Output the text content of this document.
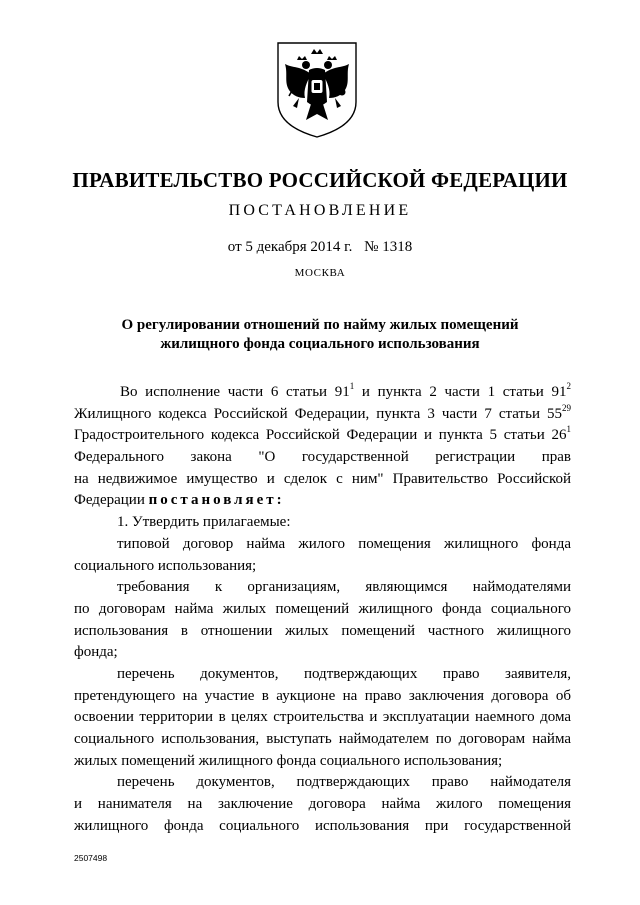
ПРАВИТЕЛЬСТВО РОССИЙСКОЙ ФЕДЕРАЦИИ
ПОСТАНОВЛЕНИЕ
от 5 декабря 2014 г. № 1318
МОСКВА
О регулировании отношений по найму жилых помещений
жилищного фонда социального использования
Во исполнение части 6 статьи $91^1$ и пункта 2 части 1 статьи $91^2$
Жилищного кодекса Российской Федерации, пункта 3 части 7 статьи $55^{29}$
Градостроительного кодекса Российской Федерации и пункта 5 статьи $26^1$
Федерального закона "О государственной регистрации прав
на недвижимое имущество и сделок с ним" Правительство Российской
Федерации постановляет:
1. Утвердить прилагаемые:
типовой договор найма жилого помещения жилищного фонда
социального использования;
требования к организациям, являющимся наймодателями
по договорам найма жилых помещений жилищного фонда социального
использования в отношении жилых помещений частного жилищного
фонда;
перечень документов, подтверждающих право заявителя,
претендующего на участие в аукционе на право заключения договора об
освоении территории в целях строительства и эксплуатации наемного дома
социального использования, выступать наймодателем по договорам найма
жилых помещений жилищного фонда социального использования;
перечень документов, подтверждающих право наймодателя
и нанимателя на заключение договора найма жилого помещения
жилищного фонда социального использования при государственной
2507498
